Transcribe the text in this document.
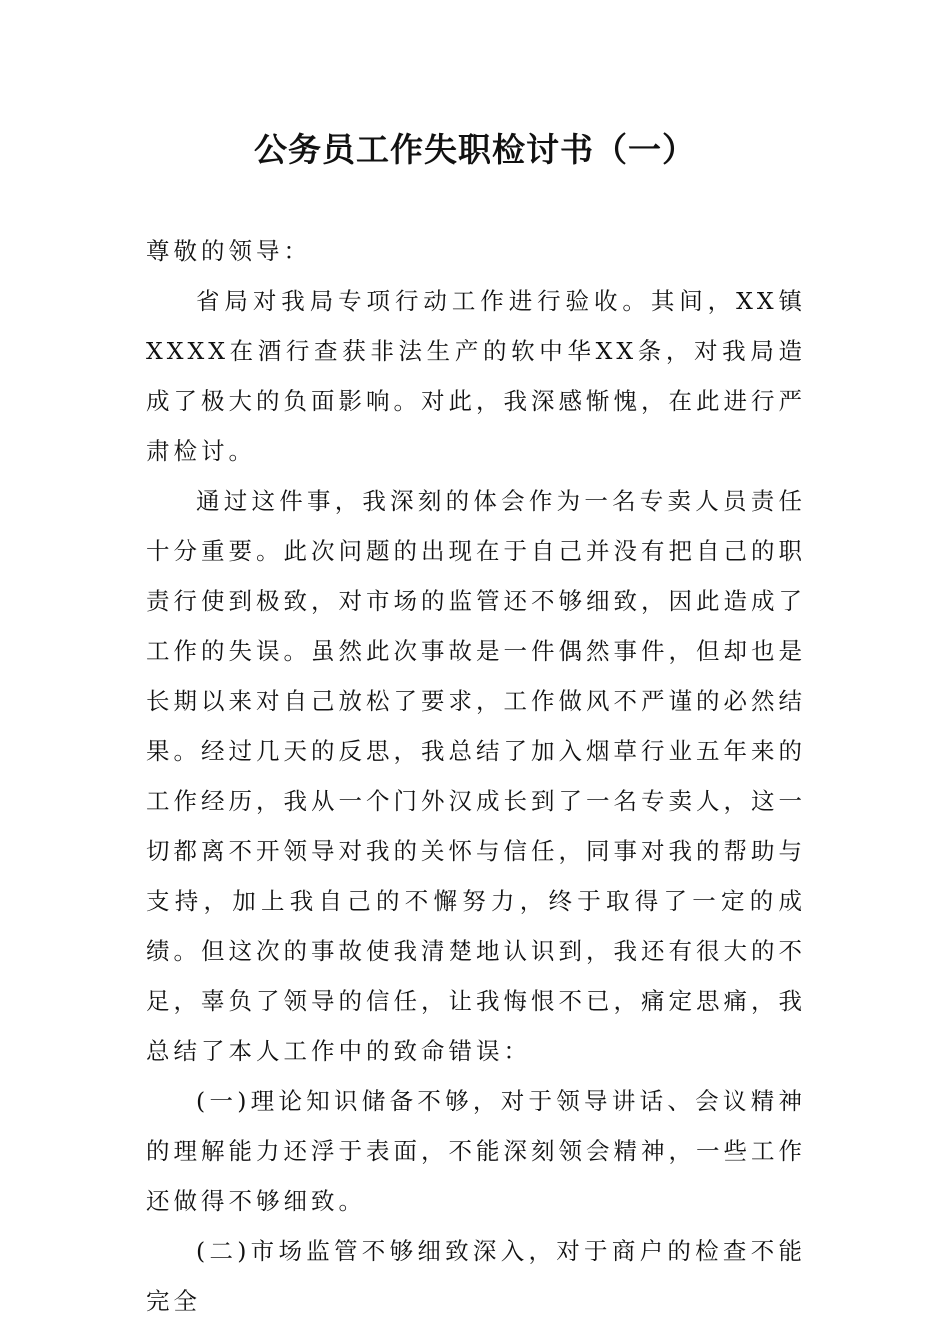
公务员工作失职检讨书（一）

尊敬的领导：

省局对我局专项行动工作进行验收。其间，XX镇XXXX在酒行查获非法生产的软中华XX条，对我局造成了极大的负面影响。对此，我深感惭愧，在此进行严肃检讨。

通过这件事，我深刻的体会作为一名专卖人员责任十分重要。此次问题的出现在于自己并没有把自己的职责行使到极致，对市场的监管还不够细致，因此造成了工作的失误。虽然此次事故是一件偶然事件，但却也是长期以来对自己放松了要求，工作做风不严谨的必然结果。经过几天的反思，我总结了加入烟草行业五年来的工作经历，我从一个门外汉成长到了一名专卖人，这一切都离不开领导对我的关怀与信任，同事对我的帮助与支持，加上我自己的不懈努力，终于取得了一定的成绩。但这次的事故使我清楚地认识到，我还有很大的不足，辜负了领导的信任，让我悔恨不已，痛定思痛，我总结了本人工作中的致命错误：

(一)理论知识储备不够，对于领导讲话、会议精神的理解能力还浮于表面，不能深刻领会精神，一些工作还做得不够细致。

(二)市场监管不够细致深入，对于商户的检查不能完全
